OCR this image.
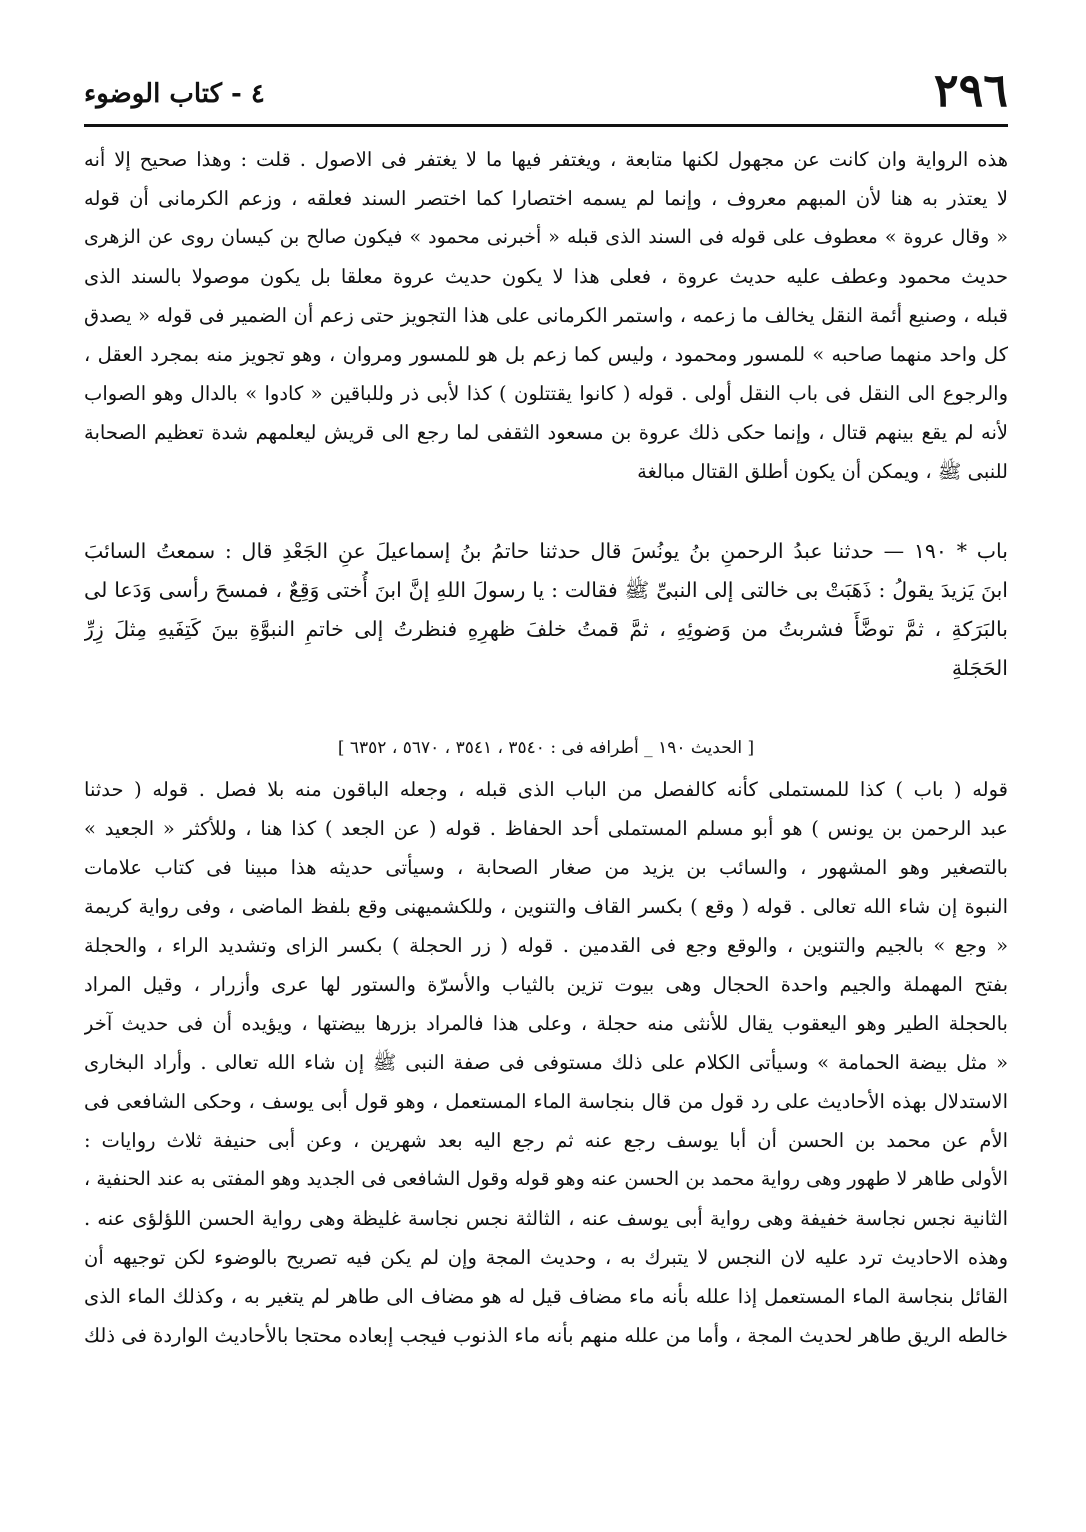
٢٩٦
٤ - كتاب الوضوء
هذه الرواية وان كانت عن مجهول لكنها متابعة ، ويغتفر فيها ما لا يغتفر فى الاصول . قلت : وهذا صحيح إلا أنه
لا يعتذر به هنا لأن المبهم معروف ، وإنما لم يسمه اختصارا كما اختصر السند فعلقه ، وزعم الكرمانى أن قوله
« وقال عروة » معطوف على قوله فى السند الذى قبله « أخبرنى محمود » فيكون صالح بن كيسان روى عن الزهرى
حديث محمود وعطف عليه حديث عروة ، فعلى هذا لا يكون حديث عروة معلقا بل يكون موصولا بالسند الذى
قبله ، وصنيع أئمة النقل يخالف ما زعمه ، واستمر الكرمانى على هذا التجويز حتى زعم أن الضمير فى قوله « يصدق
كل واحد منهما صاحبه » للمسور ومحمود ، وليس كما زعم بل هو للمسور ومروان ، وهو تجويز منه بمجرد العقل ،
والرجوع الى النقل فى باب النقل أولى . قوله ( كانوا يقتتلون ) كذا لأبى ذر وللباقين « كادوا » بالدال وهو الصواب
لأنه لم يقع بينهم قتال ، وإنما حكى ذلك عروة بن مسعود الثقفى لما رجع الى قريش ليعلمهم شدة تعظيم الصحابة
للنبى ﷺ ، ويمكن أن يكون أطلق القتال مبالغة
باب * ١٩٠ — حدثنا عبدُ الرحمنِ بنُ يونُسَ قال حدثنا حاتمُ بنُ إسماعيلَ عنِ الجَعْدِ قال : سمعتُ السائبَ
ابنَ يَزيدَ يقولُ : ذَهَبَتْ بى خالتى إلى النبىِّ ﷺ فقالت : يا رسولَ اللهِ إنَّ ابنَ أُختى وَقِعٌ ، فمسحَ رأسى وَدَعا لى
بالبَرَكةِ ، ثمَّ توضَّأَ فشربتُ من وَضوئِهِ ، ثمَّ قمتُ خلفَ ظهرِهِ فنظرتُ إلى خاتمِ النبوَّةِ بينَ كَتِفَيهِ مِثلَ زِرِّ
الحَجَلةِ
[ الحديث ١٩٠ _ أطرافه فى : ٣٥٤٠ ، ٣٥٤١ ، ٥٦٧٠ ، ٦٣٥٢ ]
قوله ( باب ) كذا للمستملى كأنه كالفصل من الباب الذى قبله ، وجعله الباقون منه بلا فصل . قوله ( حدثنا
عبد الرحمن بن يونس ) هو أبو مسلم المستملى أحد الحفاظ . قوله ( عن الجعد ) كذا هنا ، وللأكثر « الجعيد »
بالتصغير وهو المشهور ، والسائب بن يزيد من صغار الصحابة ، وسيأتى حديثه هذا مبينا فى كتاب علامات
النبوة إن شاء الله تعالى . قوله ( وقع ) بكسر القاف والتنوين ، وللكشميهنى وقع بلفظ الماضى ، وفى رواية كريمة
« وجع » بالجيم والتنوين ، والوقع وجع فى القدمين . قوله ( زر الحجلة ) بكسر الزاى وتشديد الراء ، والحجلة
بفتح المهملة والجيم واحدة الحجال وهى بيوت تزين بالثياب والأسرّة والستور لها عرى وأزرار ، وقيل المراد
بالحجلة الطير وهو اليعقوب يقال للأنثى منه حجلة ، وعلى هذا فالمراد بزرها بيضتها ، ويؤيده أن فى حديث آخر
« مثل بيضة الحمامة » وسيأتى الكلام على ذلك مستوفى فى صفة النبى ﷺ إن شاء الله تعالى . وأراد البخارى
الاستدلال بهذه الأحاديث على رد قول من قال بنجاسة الماء المستعمل ، وهو قول أبى يوسف ، وحكى الشافعى فى
الأم عن محمد بن الحسن أن أبا يوسف رجع عنه ثم رجع اليه بعد شهرين ، وعن أبى حنيفة ثلاث روايات :
الأولى طاهر لا طهور وهى رواية محمد بن الحسن عنه وهو قوله وقول الشافعى فى الجديد وهو المفتى به عند الحنفية ،
الثانية نجس نجاسة خفيفة وهى رواية أبى يوسف عنه ، الثالثة نجس نجاسة غليظة وهى رواية الحسن اللؤلؤى عنه .
وهذه الاحاديث ترد عليه لان النجس لا يتبرك به ، وحديث المجة وإن لم يكن فيه تصريح بالوضوء لكن توجيهه أن
القائل بنجاسة الماء المستعمل إذا علله بأنه ماء مضاف قيل له هو مضاف الى طاهر لم يتغير به ، وكذلك الماء الذى
خالطه الريق طاهر لحديث المجة ، وأما من علله منهم بأنه ماء الذنوب فيجب إبعاده محتجا بالأحاديث الواردة فى ذلك
